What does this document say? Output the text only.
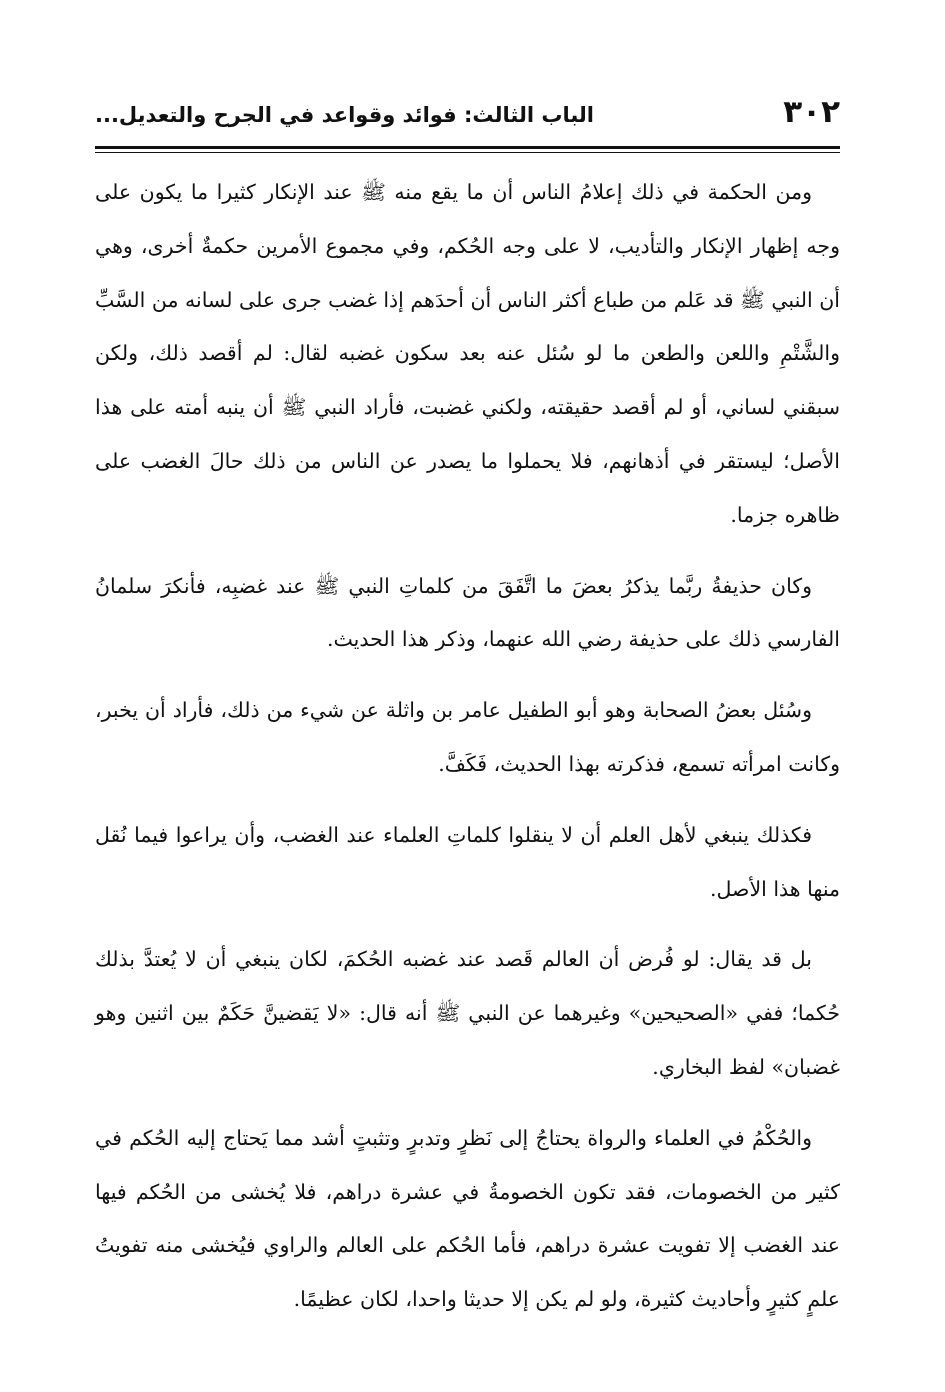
٣٠٢
الباب الثالث: فوائد وقواعد في الجرح والتعديل...

ومن الحكمة في ذلك إعلامُ الناس أن ما يقع منه ﷺ عند الإنكار كثيرا ما يكون على وجه إظهار الإنكار والتأديب، لا على وجه الحُكم، وفي مجموع الأمرين حكمةٌ أخرى، وهي أن النبي ﷺ قد عَلم من طباع أكثر الناس أن أحدَهم إذا غضب جرى على لسانه من السَّبِّ والشَّتْمِ واللعن والطعن ما لو سُئل عنه بعد سكون غضبه لقال: لم أقصد ذلك، ولكن سبقني لساني، أو لم أقصد حقيقته، ولكني غضبت، فأراد النبي ﷺ أن ينبه أمته على هذا الأصل؛ ليستقر في أذهانهم، فلا يحملوا ما يصدر عن الناس من ذلك حالَ الغضب على ظاهره جزما.

وكان حذيفةُ ربَّما يذكرُ بعضَ ما اتَّفَقَ من كلماتِ النبي ﷺ عند غضبِه، فأنكرَ سلمانُ الفارسي ذلك على حذيفة رضي الله عنهما، وذكر هذا الحديث.

وسُئل بعضُ الصحابة وهو أبو الطفيل عامر بن واثلة عن شيء من ذلك، فأراد أن يخبر، وكانت امرأته تسمع، فذكرته بهذا الحديث، فَكَفَّ.

فكذلك ينبغي لأهل العلم أن لا ينقلوا كلماتِ العلماء عند الغضب، وأن يراعوا فيما نُقل منها هذا الأصل.

بل قد يقال: لو فُرض أن العالم قَصد عند غضبه الحُكمَ، لكان ينبغي أن لا يُعتدَّ بذلك حُكما؛ ففي «الصحيحين» وغيرهما عن النبي ﷺ أنه قال: «لا يَقضينَّ حَكَمٌ بين اثنين وهو غضبان» لفظ البخاري.

والحُكْمُ في العلماء والرواة يحتاجُ إلى نَظرٍ وتدبرٍ وتثبتٍ أشد مما يَحتاج إليه الحُكم في كثير من الخصومات، فقد تكون الخصومةُ في عشرة دراهم، فلا يُخشى من الحُكم فيها عند الغضب إلا تفويت عشرة دراهم، فأما الحُكم على العالم والراوي فيُخشى منه تفويتُ علمٍ كثيرٍ وأحاديث كثيرة، ولو لم يكن إلا حديثا واحدا، لكان عظيمًا.
